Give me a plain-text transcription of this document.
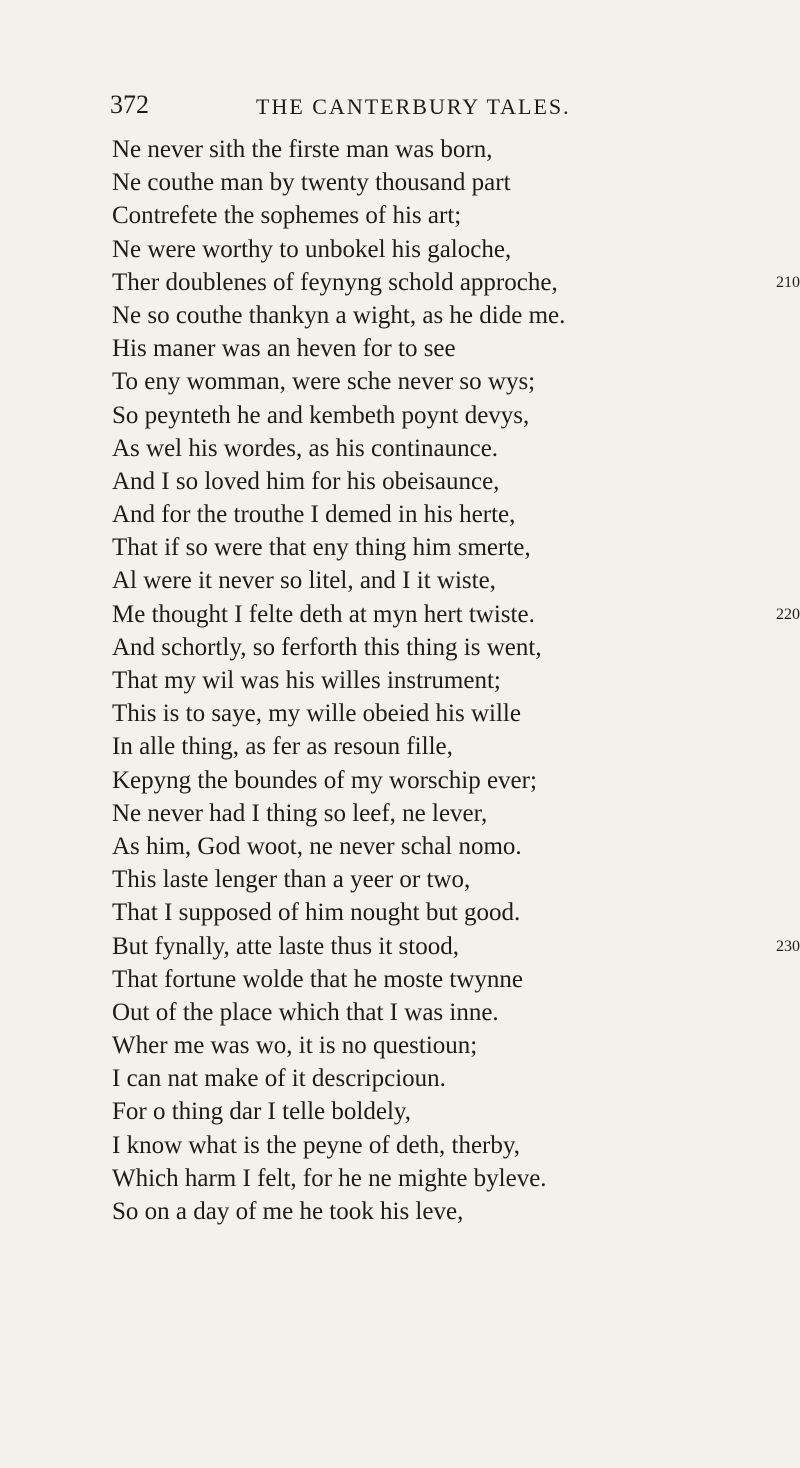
372	THE CANTERBURY TALES.
Ne never sith the firste man was born,
Ne couthe man by twenty thousand part
Contrefete the sophemes of his art;
Ne were worthy to unbokel his galoche,
Ther doublenes of feynyng schold approche,	210
Ne so couthe thankyn a wight, as he dide me.
His maner was an heven for to see
To eny womman, were sche never so wys;
So peynteth he and kembeth poynt devys,
As wel his wordes, as his continaunce.
And I so loved him for his obeisaunce,
And for the trouthe I demed in his herte,
That if so were that eny thing him smerte,
Al were it never so litel, and I it wiste,
Me thought I felte deth at myn hert twiste.	220
And schortly, so ferforth this thing is went,
That my wil was his willes instrument;
This is to saye, my wille obeied his wille
In alle thing, as fer as resoun fille,
Kepyng the boundes of my worschip ever;
Ne never had I thing so leef, ne lever,
As him, God woot, ne never schal nomo.
This laste lenger than a yeer or two,
That I supposed of him nought but good.
But fynally, atte laste thus it stood,	230
That fortune wolde that he moste twynne
Out of the place which that I was inne.
Wher me was wo, it is no questioun;
I can nat make of it descripcioun.
For o thing dar I telle boldely,
I know what is the peyne of deth, therby,
Which harm I felt, for he ne mighte byleve.
So on a day of me he took his leve,
